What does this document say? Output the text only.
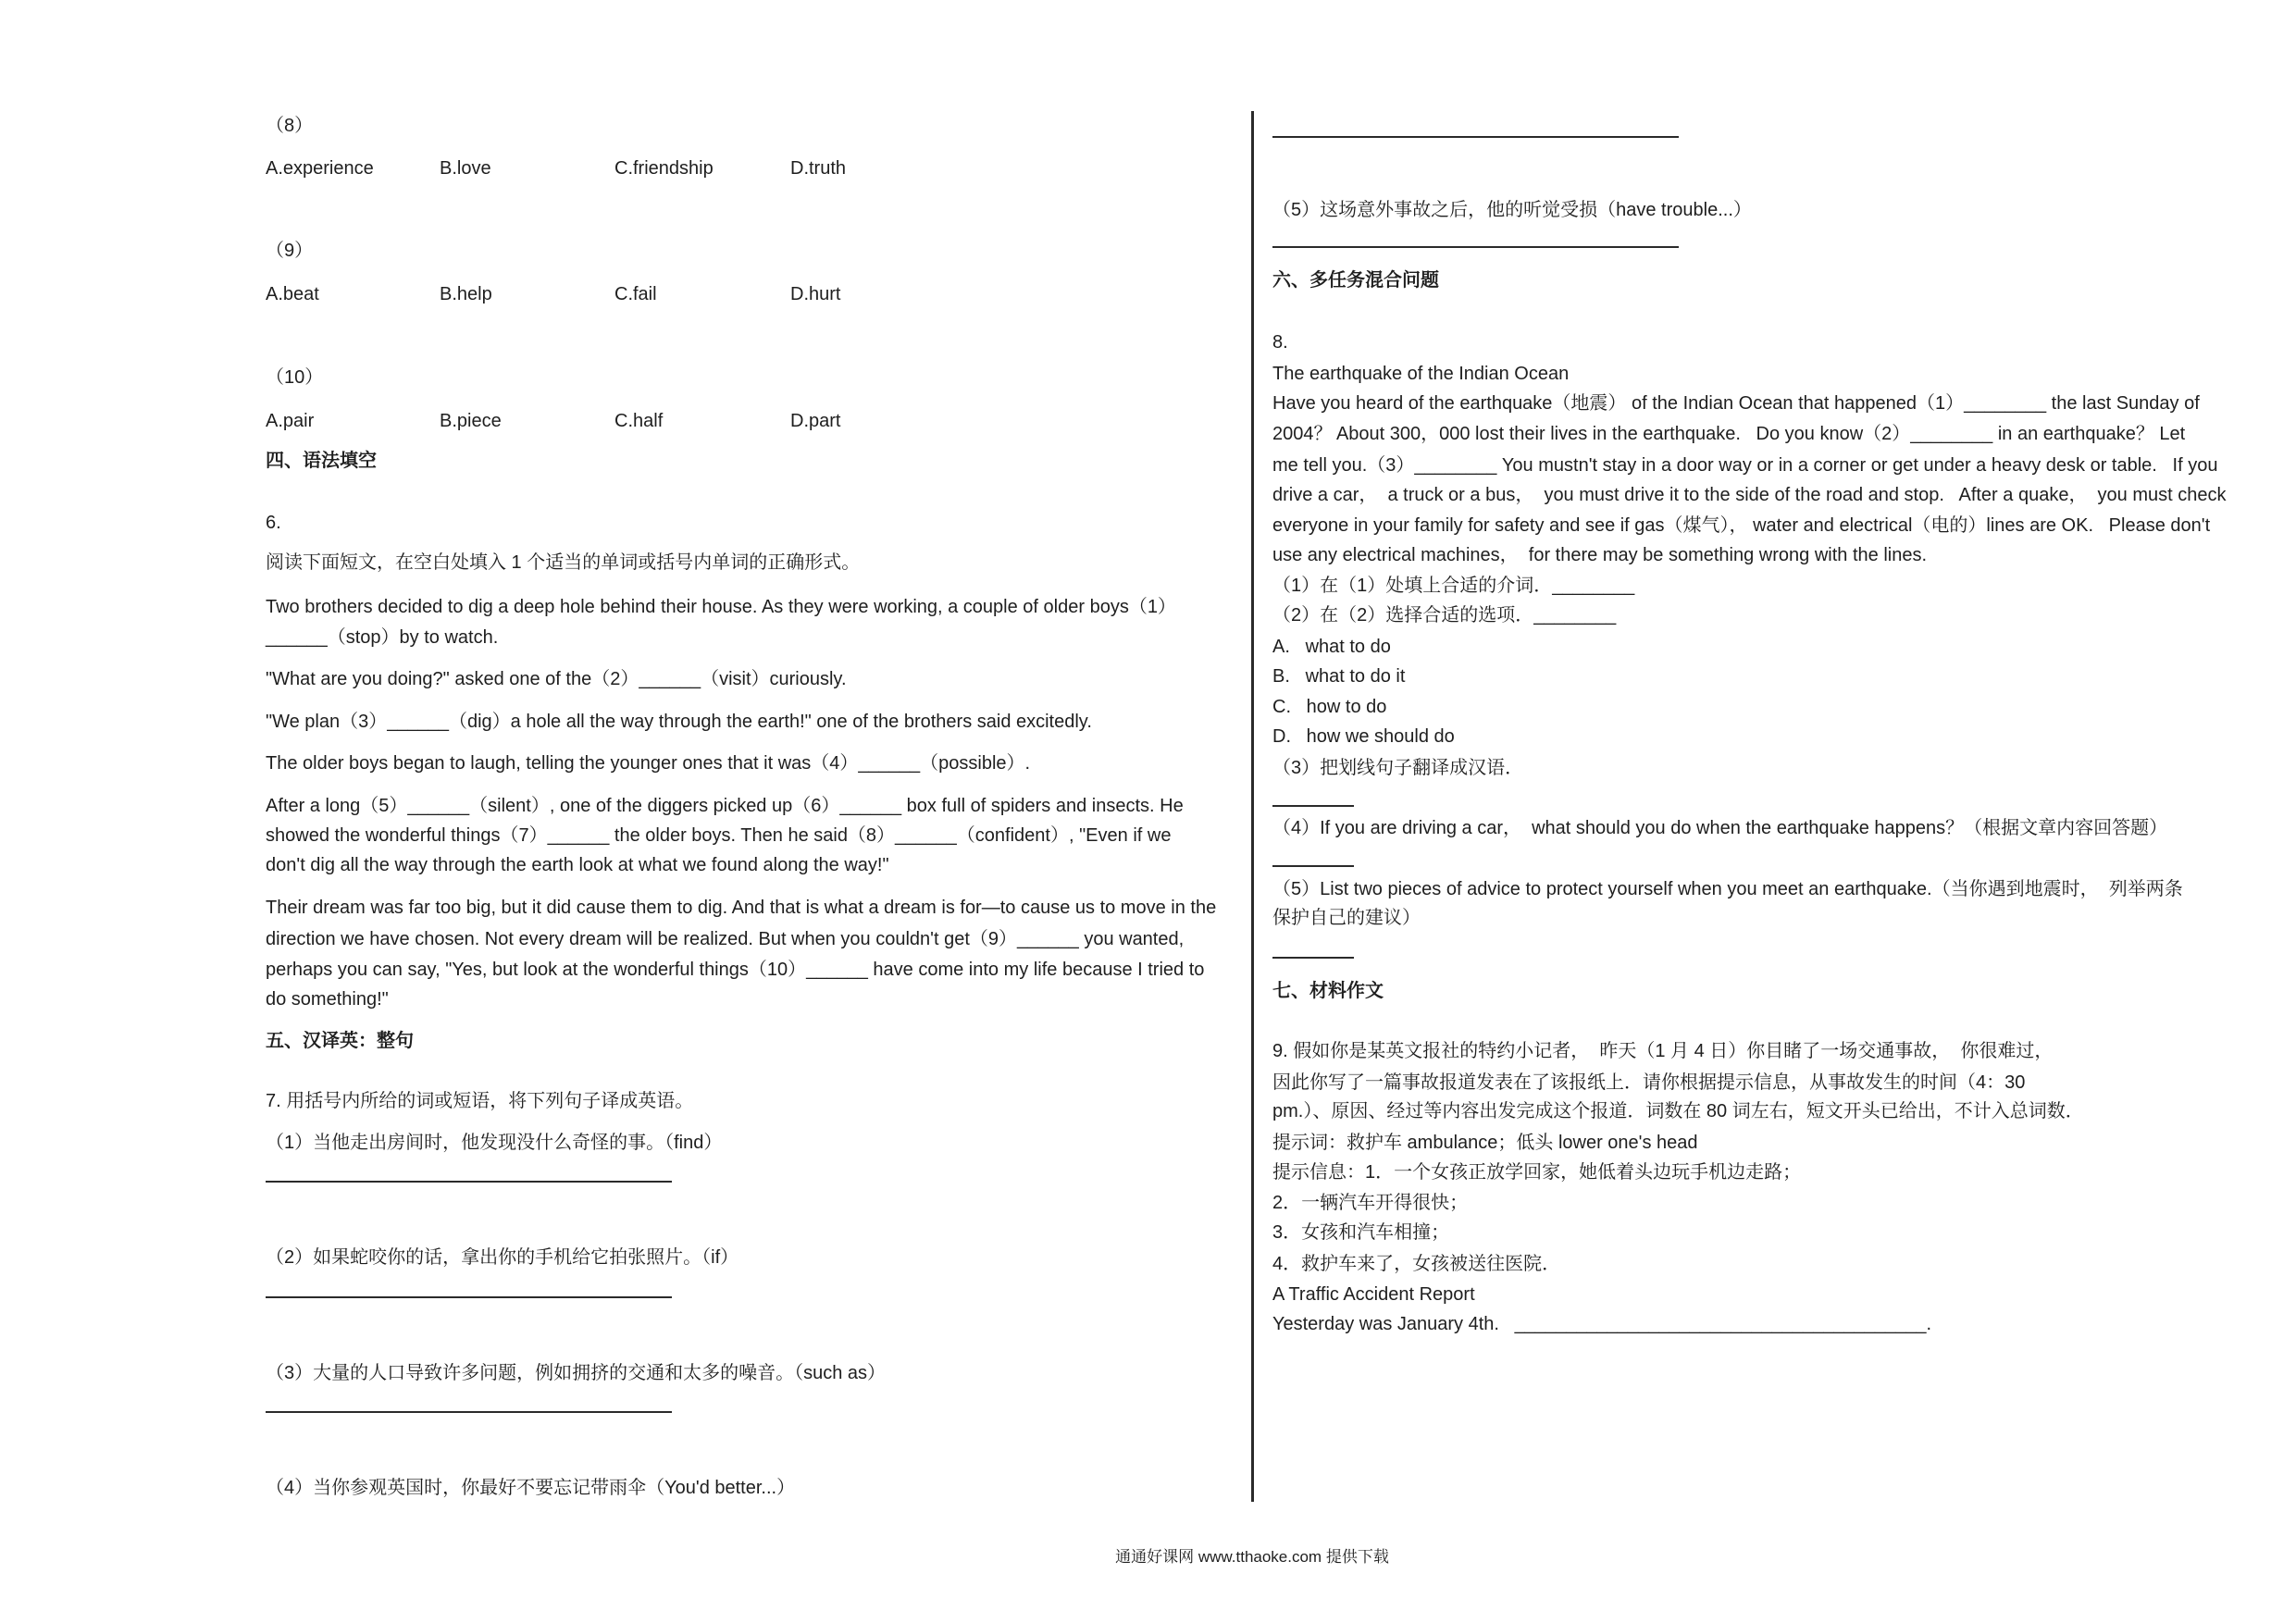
（8）
A.experience	B.love	C.friendship	D.truth
（9）
A.beat	B.help	C.fail	D.hurt
（10）
A.pair	B.piece	C.half	D.part
四、语法填空
6.
阅读下面短文，在空白处填入 1 个适当的单词或括号内单词的正确形式。
Two brothers decided to dig a deep hole behind their house. As they were working, a couple of older boys（1）
______（stop）by to watch.
"What are you doing?" asked one of the（2）______（visit）curiously.
"We plan（3）______（dig）a hole all the way through the earth!" one of the brothers said excitedly.
The older boys began to laugh, telling the younger ones that it was（4）______（possible）.
After a long（5）______（silent）, one of the diggers picked up（6）______ box full of spiders and insects. He
showed the wonderful things（7）______ the older boys. Then he said（8）______（confident）, "Even if we
don't dig all the way through the earth look at what we found along the way!"
Their dream was far too big, but it did cause them to dig. And that is what a dream is for—to cause us to move in the
direction we have chosen. Not every dream will be realized. But when you couldn't get（9）______ you wanted,
perhaps you can say, "Yes, but look at the wonderful things（10）______ have come into my life because I tried to
do something!"
五、汉译英：整句
7. 用括号内所给的词或短语，将下列句子译成英语。
（1）当他走出房间时，他发现没什么奇怪的事。（find）
（2）如果蛇咬你的话，拿出你的手机给它拍张照片。（if）
（3）大量的人口导致许多问题，例如拥挤的交通和太多的噪音。（such as）
（4）当你参观英国时，你最好不要忘记带雨伞（You'd better...）
（5）这场意外事故之后，他的听觉受损（have trouble...）
六、多任务混合问题
8.
The earthquake of the Indian Ocean
Have you heard of the earthquake（地震） of the Indian Ocean that happened（1）________ the last Sunday of
2004？ About 300，000 lost their lives in the earthquake.   Do you know（2）________ in an earthquake？ Let
me tell you.（3）________ You mustn't stay in a door way or in a corner or get under a heavy desk or table.   If you
drive a car，  a truck or a bus，  you must drive it to the side of the road and stop.   After a quake，  you must check
everyone in your family for safety and see if gas（煤气）， water and electrical（电的）lines are OK.   Please don't
use any electrical machines，  for there may be something wrong with the lines.
（1）在（1）处填上合适的介词．________
（2）在（2）选择合适的选项．________
A.   what to do
B.   what to do it
C.   how to do
D.   how we should do
（3）把划线句子翻译成汉语．
（4）If you are driving a car，  what should you do when the earthquake happens？（根据文章内容回答题）
（5）List two pieces of advice to protect yourself when you meet an earthquake.（当你遇到地震时，  列举两条
保护自己的建议）
七、材料作文
9. 假如你是某英文报社的特约小记者，  昨天（1 月 4 日）你目睹了一场交通事故，  你很难过，
因此你写了一篇事故报道发表在了该报纸上．请你根据提示信息，从事故发生的时间（4：30
pm.）、原因、经过等内容出发完成这个报道．词数在 80 词左右，短文开头已给出，不计入总词数．
提示词：救护车 ambulance；低头 lower one's head
提示信息：1．一个女孩正放学回家，她低着头边玩手机边走路；
2．一辆汽车开得很快；
3．女孩和汽车相撞；
4．救护车来了，女孩被送往医院．
A Traffic Accident Report
Yesterday was January 4th.   ________________________________________.
通通好课网 www.tthaoke.com 提供下载
